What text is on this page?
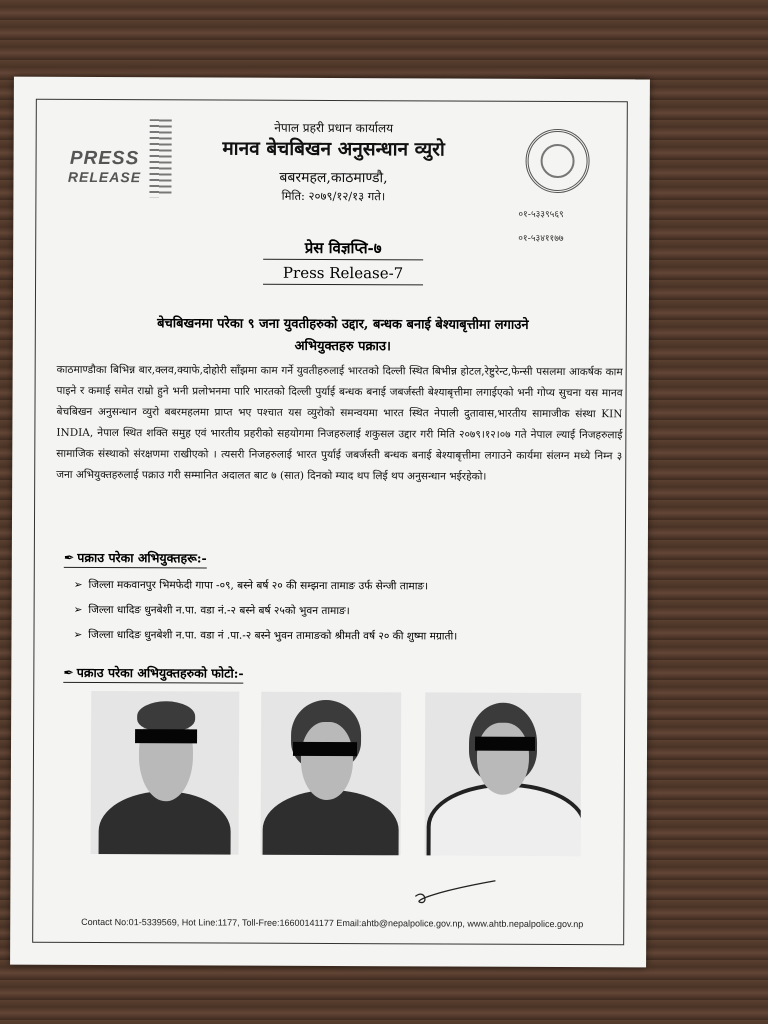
PRESS
RELEASE
नेपाल प्रहरी प्रधान कार्यालय
मानव बेचबिखन अनुसन्धान व्युरो
बबरमहल,काठमाण्डौ,
मिति: २०७९/१२/१३ गते।
०१-५३३९५६९
०१-५३४११७७
प्रेस विज्ञप्ति-७
Press Release-7
बेचबिखनमा परेका ९ जना युवतीहरुको उद्दार, बन्धक बनाई बेश्याबृत्तीमा लगाउने
अभियुक्तहरु पक्राउ।
काठमाण्डौका बिभिन्न बार,क्लव,क्याफे,दोहोरी साँझमा काम गर्ने युवतीहरुलाई भारतको दिल्ली स्थित बिभीन्न होटल,रेष्टुरेन्ट,फेन्सी पसलमा आकर्षक काम पाइने र कमाई समेत राम्रो हुने भनी प्रलोभनमा पारि भारतको दिल्ली पुर्याई बन्धक बनाई जबर्जस्ती बेश्याबृत्तीमा लगाईएको भनी गोप्य सुचना यस मानव बेचबिखन अनुसन्धान व्युरो बबरमहलमा प्राप्त भए पश्चात यस व्युरोको समन्वयमा भारत स्थित नेपाली दुतावास,भारतीय सामाजीक संस्था KIN INDIA, नेपाल स्थित शक्ति समुह एवं भारतीय प्रहरीको सहयोगमा निजहरुलाई शकुसल उद्दार गरी मिति २०७९।१२।०७ गते नेपाल ल्याई निजहरुलाई सामाजिक संस्थाको संरक्षणमा राखीएको । त्यसरी निजहरुलाई भारत पुर्याई जबर्जस्ती बन्धक बनाई बेश्याबृत्तीमा लगाउने कार्यमा संलग्न मध्ये निम्न ३ जना अभियुक्तहरुलाई पक्राउ गरी सम्मानित अदालत बाट ७ (सात) दिनको म्याद थप लिई थप अनुसन्धान भईरहेको।
✒ पक्राउ परेका अभियुक्तहरू:-
➢ जिल्ला मकवानपुर भिमफेदी गापा -०९, बस्ने बर्ष २० की सम्झना तामाङ उर्फ सेन्जी तामाङ।
➢ जिल्ला धादिङ धुनबेशी न.पा. वडा नं.-२ बस्ने बर्ष २५को भुवन तामाङ।
➢ जिल्ला धादिङ धुनबेशी न.पा. वडा नं .पा.-२ बस्ने भुवन तामाङको श्रीमती वर्ष २० की शुष्मा मग्राती।
✒ पक्राउ परेका अभियुक्तहरुको फोटो:-
Contact No:01-5339569, Hot Line:1177, Toll-Free:16600141177 Email:ahtb@nepalpolice.gov.np, www.ahtb.nepalpolice.gov.np
